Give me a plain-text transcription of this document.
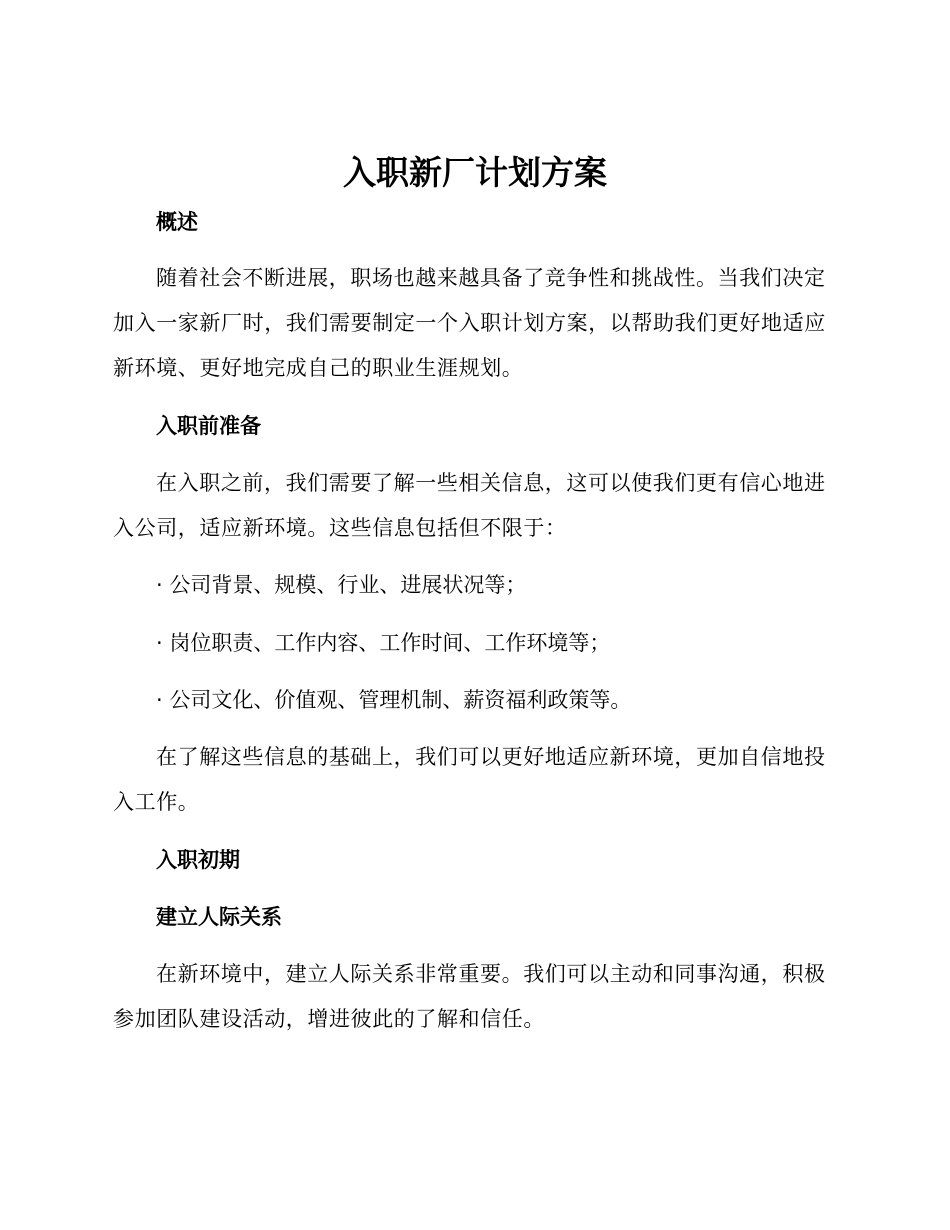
入职新厂计划方案
概述

随着社会不断进展，职场也越来越具备了竞争性和挑战性。当我们决定加入一家新厂时，我们需要制定一个入职计划方案，以帮助我们更好地适应新环境、更好地完成自己的职业生涯规划。

入职前准备

在入职之前，我们需要了解一些相关信息，这可以使我们更有信心地进入公司，适应新环境。这些信息包括但不限于：

· 公司背景、规模、行业、进展状况等；

· 岗位职责、工作内容、工作时间、工作环境等；

· 公司文化、价值观、管理机制、薪资福利政策等。

在了解这些信息的基础上，我们可以更好地适应新环境，更加自信地投入工作。

入职初期
建立人际关系

在新环境中，建立人际关系非常重要。我们可以主动和同事沟通，积极参加团队建设活动，增进彼此的了解和信任。
